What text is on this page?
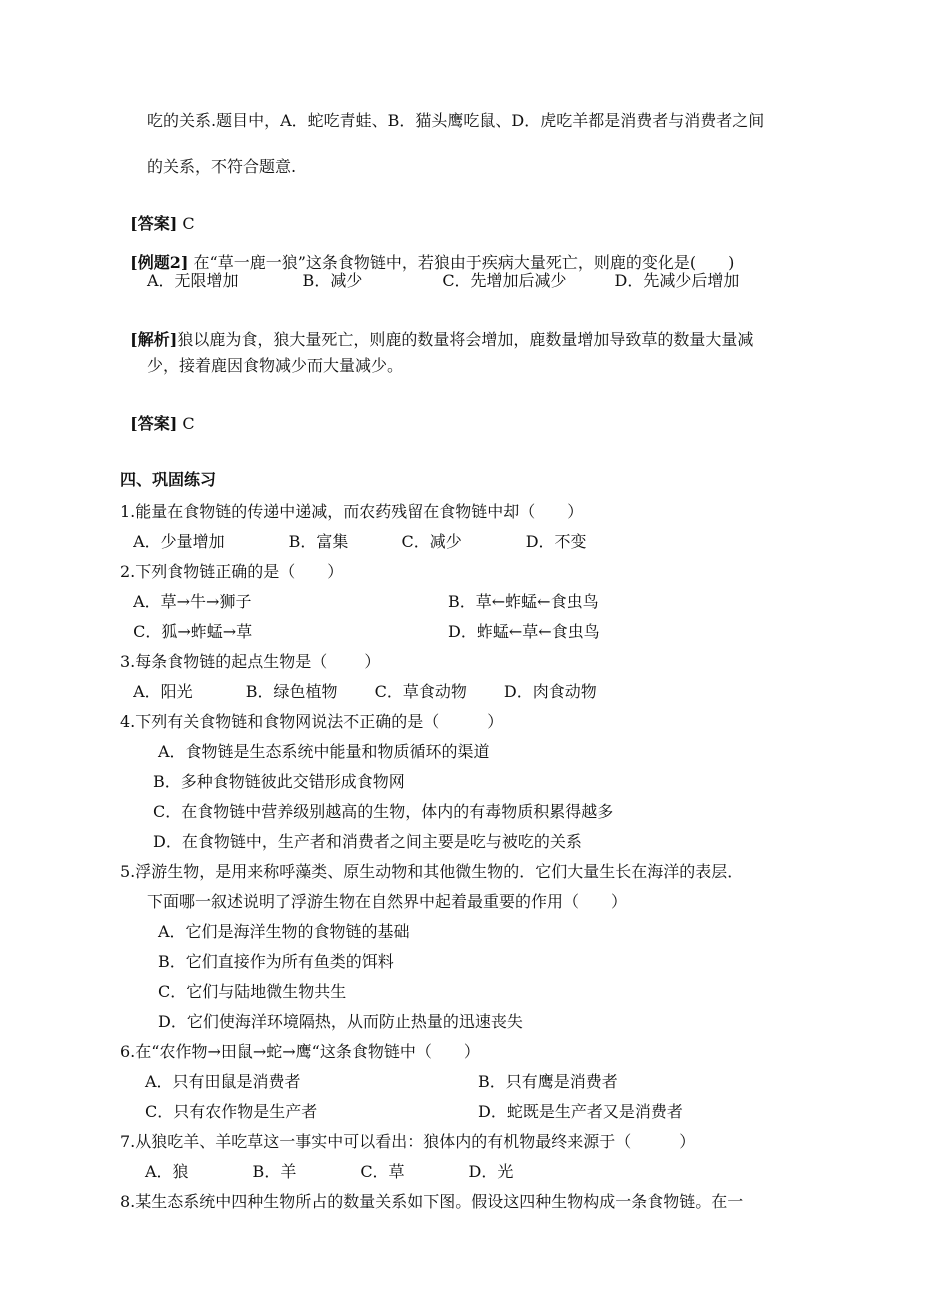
吃的关系.题目中，A．蛇吃青蛙、B．猫头鹰吃鼠、D．虎吃羊都是消费者与消费者之间
的关系，不符合题意.

[答案] C

[例题2] 在“草一鹿一狼”这条食物链中，若狼由于疾病大量死亡，则鹿的变化是(　　)

A．无限增加　　　　B．减少　　　　　C．先增加后减少　　　D．先减少后增加

[解析]狼以鹿为食，狼大量死亡，则鹿的数量将会增加，鹿数量增加导致草的数量大量减

少，接着鹿因食物减少而大量减少。

[答案] C

四、巩固练习
1.能量在食物链的传递中递减，而农药残留在食物链中却（　　）
A．少量增加　　　　B．富集　　　 C．减少　　　　D．不变
2.下列食物链正确的是（　　）
A．草→牛→狮子	B．草←蚱蜢←食虫鸟
C．狐→蚱蜢→草	D．蚱蜢←草←食虫鸟
3.每条食物链的起点生物是（　　 ）
A．阳光　　　 B．绿色植物　　 C．草食动物　　 D．肉食动物
4.下列有关食物链和食物网说法不正确的是（　　　）
A．食物链是生态系统中能量和物质循环的渠道
B．多种食物链彼此交错形成食物网
C．在食物链中营养级别越高的生物，体内的有毒物质积累得越多
D．在食物链中，生产者和消费者之间主要是吃与被吃的关系
5.浮游生物，是用来称呼藻类、原生动物和其他微生物的．它们大量生长在海洋的表层．
下面哪一叙述说明了浮游生物在自然界中起着最重要的作用（　　）
A．它们是海洋生物的食物链的基础
B．它们直接作为所有鱼类的饵料
C．它们与陆地微生物共生
D．它们使海洋环境隔热，从而防止热量的迅速丧失
6.在“农作物→田鼠→蛇→鹰“这条食物链中（　　）
A．只有田鼠是消费者	B．只有鹰是消费者
C．只有农作物是生产者	D．蛇既是生产者又是消费者
7.从狼吃羊、羊吃草这一事实中可以看出：狼体内的有机物最终来源于（　　　）
A．狼　　　　B．羊　　　　C．草　　　　D．光
8.某生态系统中四种生物所占的数量关系如下图。假设这四种生物构成一条食物链。在一
